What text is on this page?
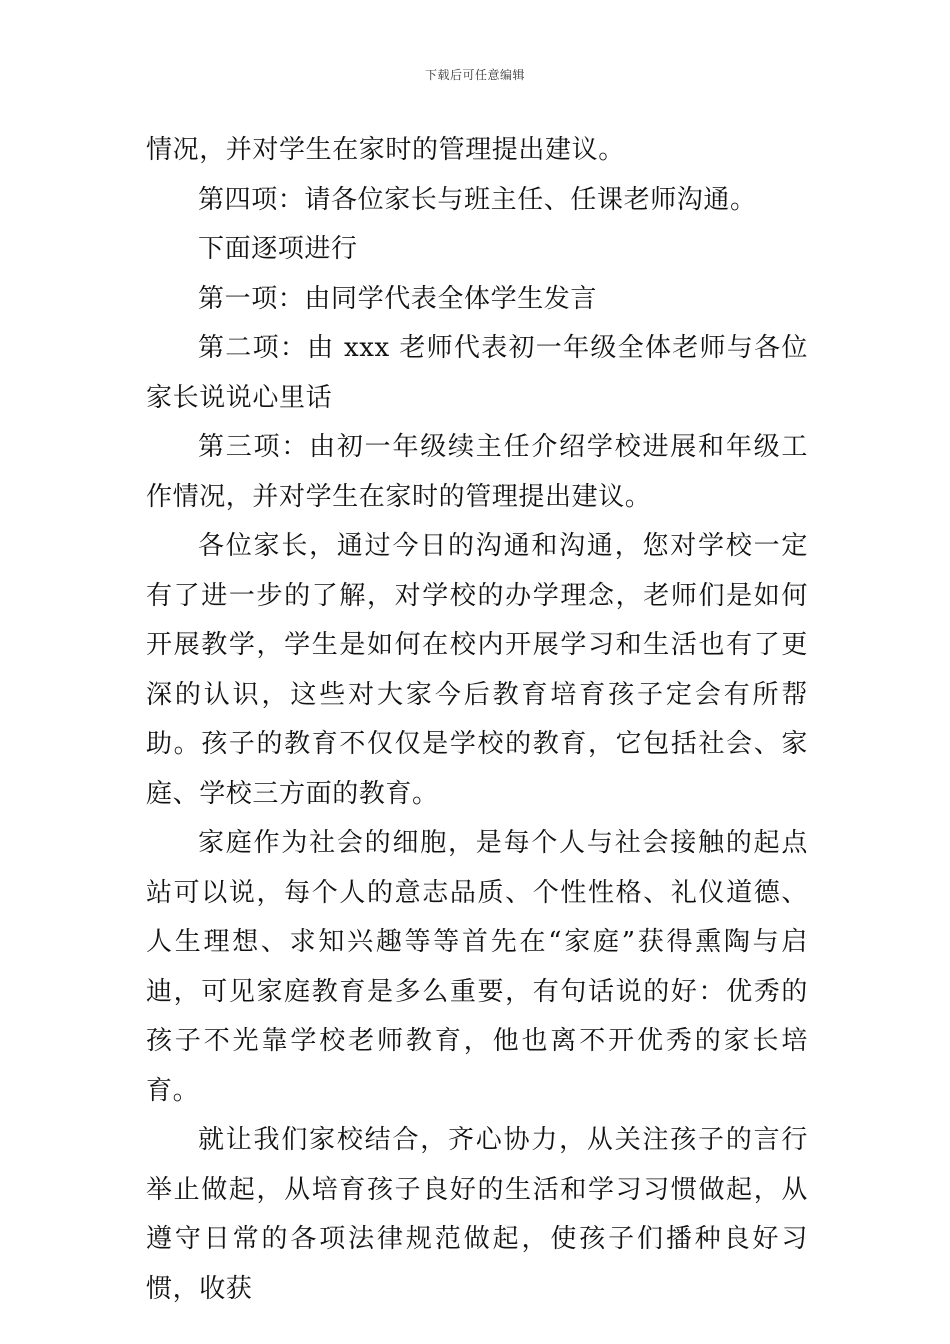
下载后可任意编辑

情况，并对学生在家时的管理提出建议。

第四项：请各位家长与班主任、任课老师沟通。

下面逐项进行

第一项：由同学代表全体学生发言

第二项：由 xxx 老师代表初一年级全体老师与各位家长说说心里话

第三项：由初一年级续主任介绍学校进展和年级工作情况，并对学生在家时的管理提出建议。

各位家长，通过今日的沟通和沟通，您对学校一定有了进一步的了解，对学校的办学理念，老师们是如何开展教学，学生是如何在校内开展学习和生活也有了更深的认识，这些对大家今后教育培育孩子定会有所帮助。孩子的教育不仅仅是学校的教育，它包括社会、家庭、学校三方面的教育。

家庭作为社会的细胞，是每个人与社会接触的起点站可以说，每个人的意志品质、个性性格、礼仪道德、人生理想、求知兴趣等等首先在“家庭”获得熏陶与启迪，可见家庭教育是多么重要，有句话说的好：优秀的孩子不光靠学校老师教育，他也离不开优秀的家长培育。

就让我们家校结合，齐心协力，从关注孩子的言行举止做起，从培育孩子良好的生活和学习习惯做起，从遵守日常的各项法律规范做起，使孩子们播种良好习惯，收获
